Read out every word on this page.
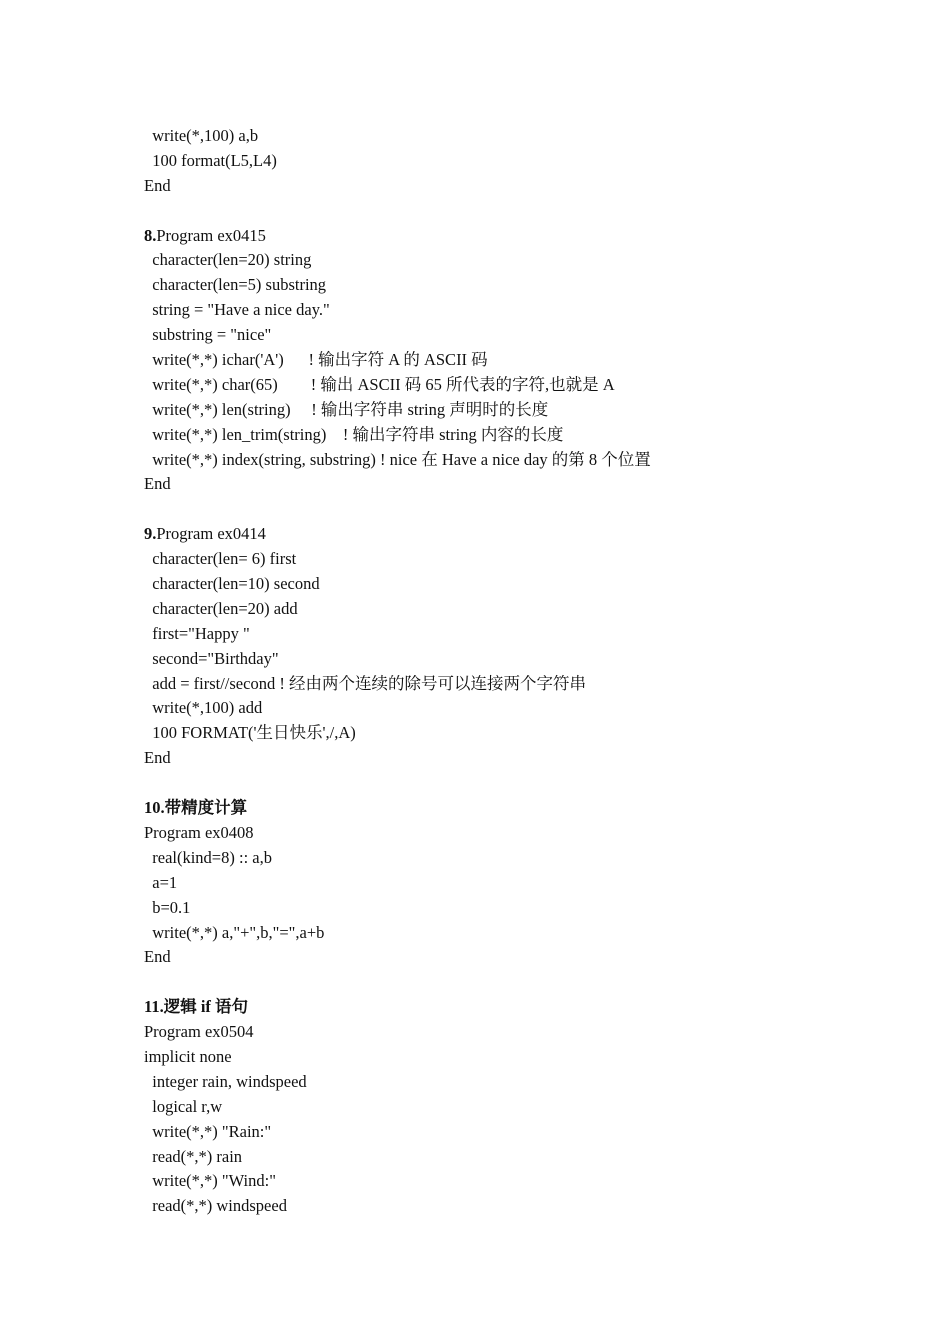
write(*,100) a,b
100 format(L5,L4)
End
8.Program ex0415
character(len=20) string
character(len=5) substring
string = "Have a nice day."
substring = "nice"
write(*,*) ichar('A')      ! 输出字符 A 的 ASCII 码
write(*,*) char(65)        ! 输出 ASCII 码 65 所代表的字符,也就是 A
write(*,*) len(string)     ! 输出字符串 string 声明时的长度
write(*,*) len_trim(string)    ! 输出字符串 string 内容的长度
write(*,*) index(string, substring) ! nice 在 Have a nice day 的第 8 个位置
End
9.Program ex0414
character(len= 6) first
character(len=10) second
character(len=20) add
first="Happy "
second="Birthday"
add = first//second ! 经由两个连续的除号可以连接两个字符串
write(*,100) add
100 FORMAT('生日快乐',/,A)
End
10.带精度计算
Program ex0408
real(kind=8) :: a,b
a=1
b=0.1
write(*,*) a,"+",b,"=",a+b
End
11.逻辑 if 语句
Program ex0504
implicit none
integer rain, windspeed
logical r,w
write(*,*) "Rain:"
read(*,*) rain
write(*,*) "Wind:"
read(*,*) windspeed
